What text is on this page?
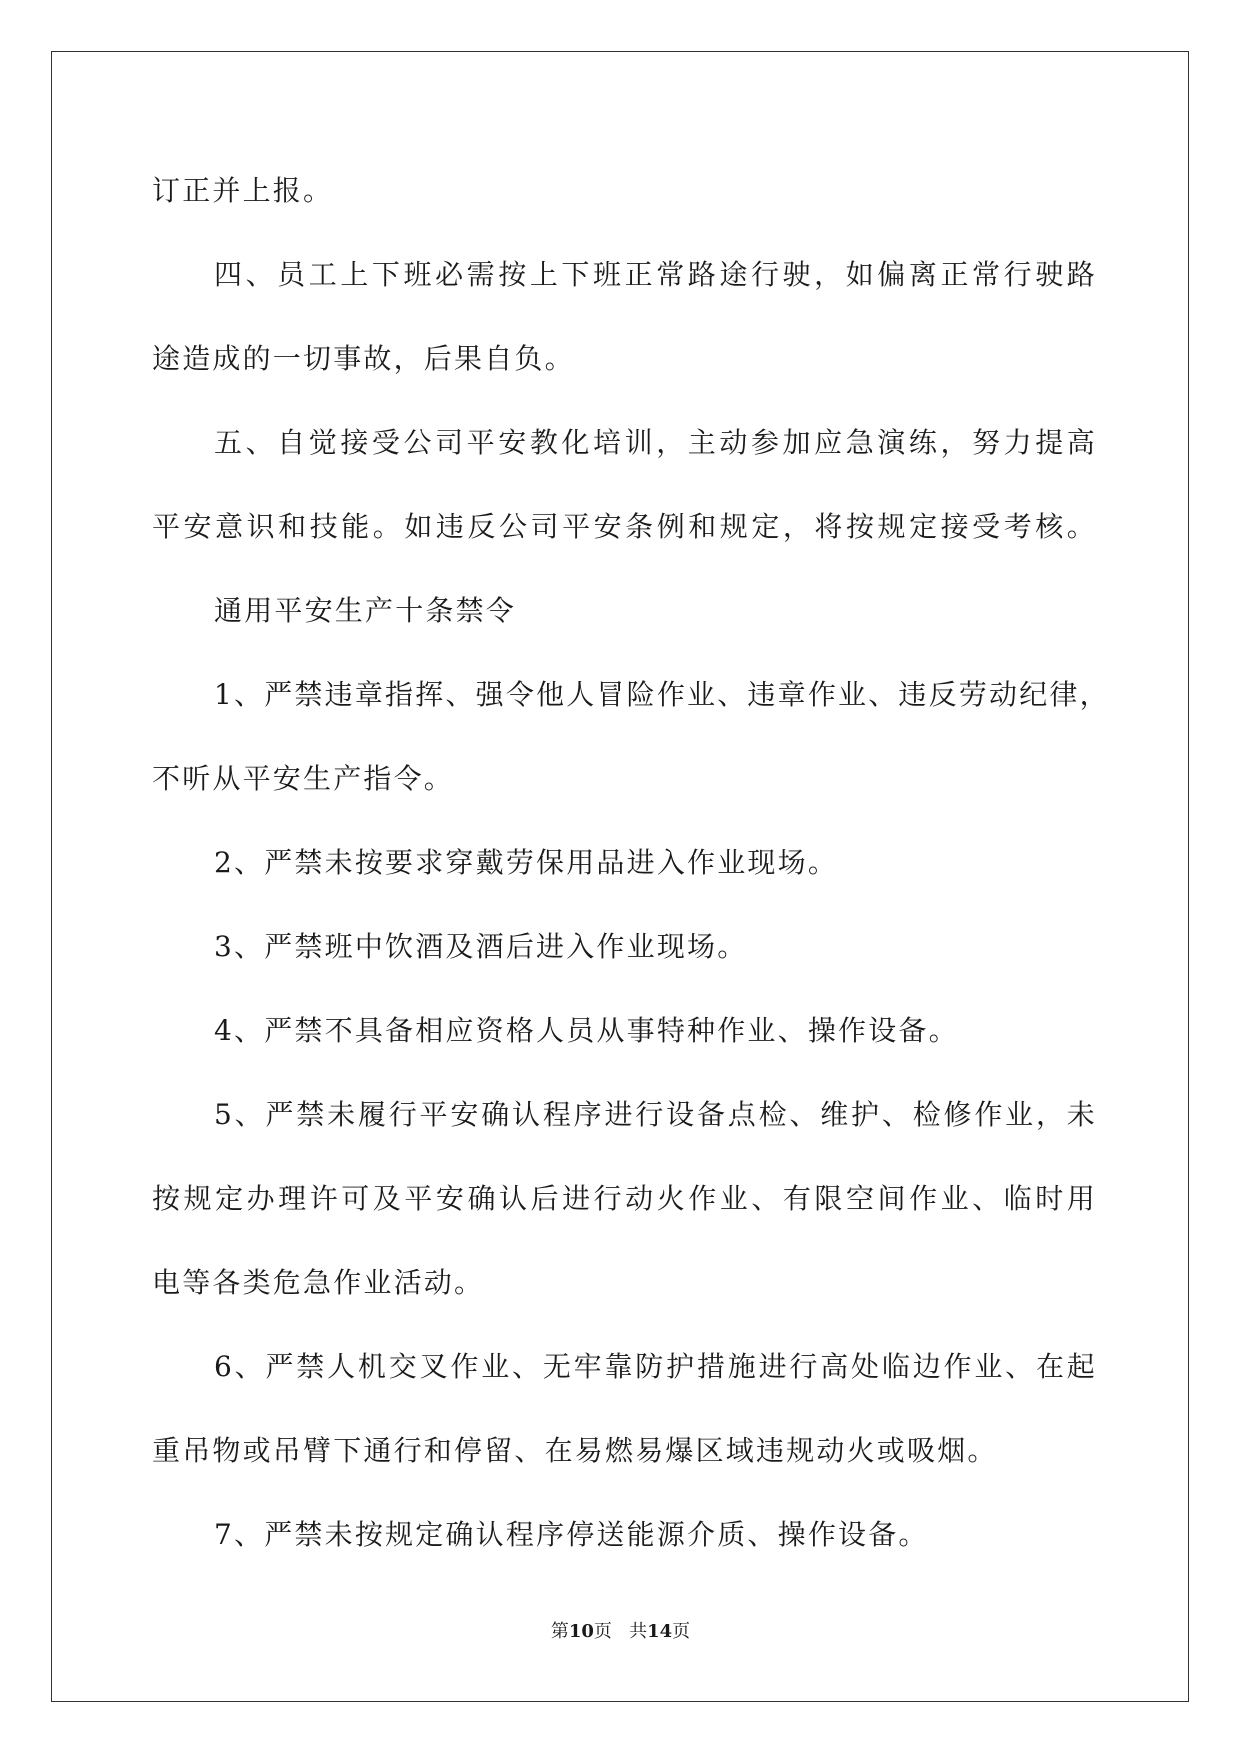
订正并上报。
四、员工上下班必需按上下班正常路途行驶，如偏离正常行驶路
途造成的一切事故，后果自负。
五、自觉接受公司平安教化培训，主动参加应急演练，努力提高
平安意识和技能。如违反公司平安条例和规定，将按规定接受考核。
通用平安生产十条禁令
1、严禁违章指挥、强令他人冒险作业、违章作业、违反劳动纪律，
不听从平安生产指令。
2、严禁未按要求穿戴劳保用品进入作业现场。
3、严禁班中饮酒及酒后进入作业现场。
4、严禁不具备相应资格人员从事特种作业、操作设备。
5、严禁未履行平安确认程序进行设备点检、维护、检修作业，未
按规定办理许可及平安确认后进行动火作业、有限空间作业、临时用
电等各类危急作业活动。
6、严禁人机交叉作业、无牢靠防护措施进行高处临边作业、在起
重吊物或吊臂下通行和停留、在易燃易爆区域违规动火或吸烟。
7、严禁未按规定确认程序停送能源介质、操作设备。
第10页 共14页
